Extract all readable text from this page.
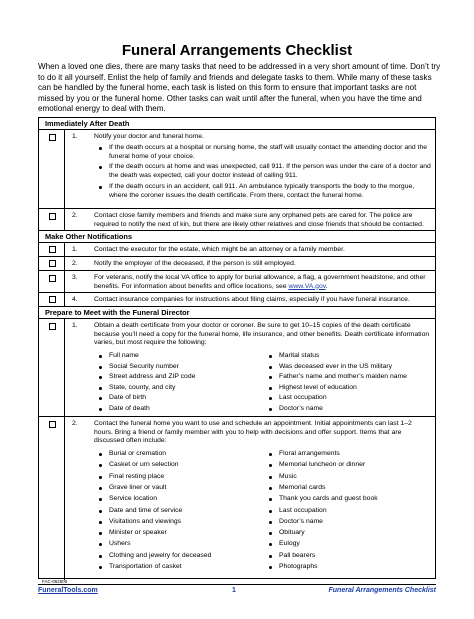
Funeral Arrangements Checklist
When a loved one dies, there are many tasks that need to be addressed in a very short amount of time. Don’t try to do it all yourself. Enlist the help of family and friends and delegate tasks to them. While many of these tasks can be handled by the funeral home, each task is listed on this form to ensure that important tasks are not missed by you or the funeral home. Other tasks can wait until after the funeral, when you have the time and emotional energy to deal with them.
Immediately After Death
1. Notify your doctor and funeral home.
If the death occurs at a hospital or nursing home, the staff will usually contact the attending doctor and the funeral home of your choice.
If the death occurs at home and was unexpected, call 911. If the person was under the care of a doctor and the death was expected, call your doctor instead of calling 911.
If the death occurs in an accident, call 911. An ambulance typically transports the body to the morgue, where the coroner issues the death certificate. From there, contact the funeral home.
2. Contact close family members and friends and make sure any orphaned pets are cared for. The police are required to notify the next of kin, but there are likely other relatives and close friends that should be contacted.
Make Other Notifications
1. Contact the executor for the estate, which might be an attorney or a family member.
2. Notify the employer of the deceased, if the person is still employed.
3. For veterans, notify the local VA office to apply for burial allowance, a flag, a government headstone, and other benefits. For information about benefits and office locations, see www.VA.gov.
4. Contact insurance companies for instructions about filing claims, especially if you have funeral insurance.
Prepare to Meet with the Funeral Director
1. Obtain a death certificate from your doctor or coroner. Be sure to get 10–15 copies of the death certificate because you’ll need a copy for the funeral home, life insurance, and other benefits. Death certificate information varies, but most require the following:
Full name
Social Security number
Street address and ZIP code
State, county, and city
Date of birth
Date of death
Marital status
Was deceased ever in the US military
Father’s name and mother’s maiden name
Highest level of education
Last occupation
Doctor’s name
2. Contact the funeral home you want to use and schedule an appointment. Initial appointments can last 1–2 hours. Bring a friend or family member with you to help with decisions and offer support. Items that are discussed often include:
Burial or cremation
Casket or urn selection
Final resting place
Grave liner or vault
Service location
Date and time of service
Visitations and viewings
Minister or speaker
Ushers
Clothing and jewelry for deceased
Transportation of casket
Floral arrangements
Memorial luncheon or dinner
Music
Memorial cards
Thank you cards and guest book
Last occupation
Doctor’s name
Obituary
Eulogy
Pall bearers
Photographs
FAC-062500
FuneralTools.com	1	Funeral Arrangements Checklist
